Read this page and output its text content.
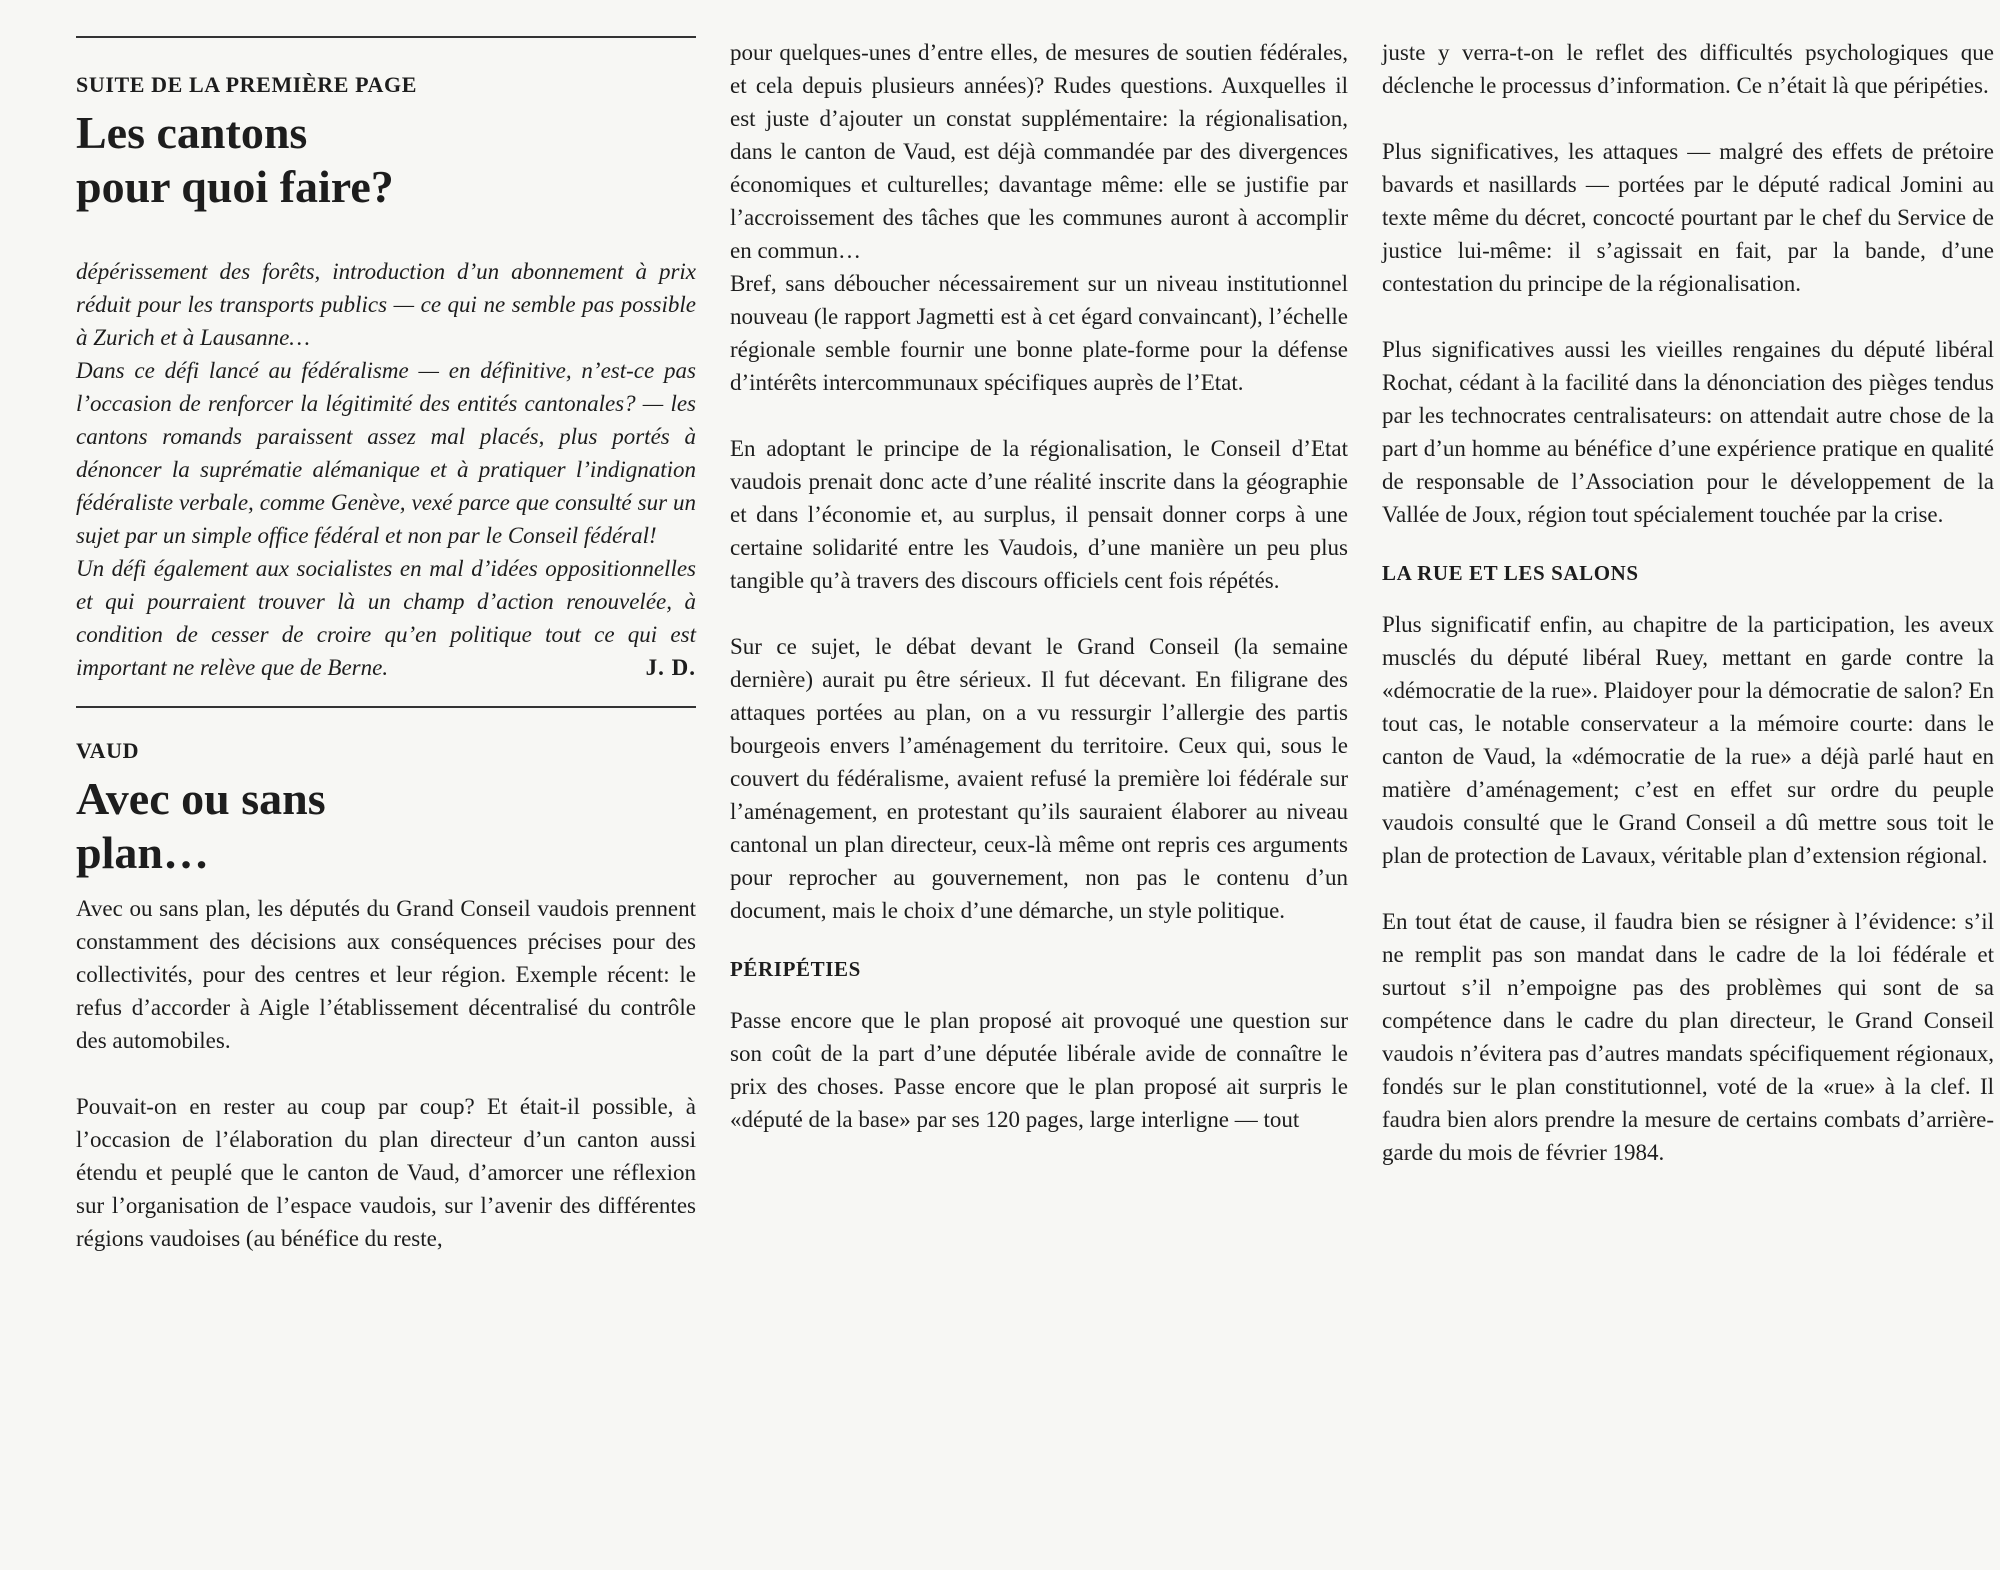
SUITE DE LA PREMIÈRE PAGE
Les cantons
pour quoi faire?

dépérissement des forêts, introduction d’un abonnement à prix réduit pour les transports publics — ce qui ne semble pas possible à Zurich et à Lausanne…

Dans ce défi lancé au fédéralisme — en définitive, n’est-ce pas l’occasion de renforcer la légitimité des entités cantonales? — les cantons romands paraissent assez mal placés, plus portés à dénoncer la suprématie alémanique et à pratiquer l’indignation fédéraliste verbale, comme Genève, vexé parce que consulté sur un sujet par un simple office fédéral et non par le Conseil fédéral!

Un défi également aux socialistes en mal d’idées oppositionnelles et qui pourraient trouver là un champ d’action renouvelée, à condition de cesser de croire qu’en politique tout ce qui est important ne relève que de Berne.	J. D.

VAUD
Avec ou sans
plan…

Avec ou sans plan, les députés du Grand Conseil vaudois prennent constamment des décisions aux conséquences précises pour des collectivités, pour des centres et leur région. Exemple récent: le refus d’accorder à Aigle l’établissement décentralisé du contrôle des automobiles.

Pouvait-on en rester au coup par coup? Et était-il possible, à l’occasion de l’élaboration du plan directeur d’un canton aussi étendu et peuplé que le canton de Vaud, d’amorcer une réflexion sur l’organisation de l’espace vaudois, sur l’avenir des différentes régions vaudoises (au bénéfice du reste,

pour quelques-unes d’entre elles, de mesures de soutien fédérales, et cela depuis plusieurs années)? Rudes questions. Auxquelles il est juste d’ajouter un constat supplémentaire: la régionalisation, dans le canton de Vaud, est déjà commandée par des divergences économiques et culturelles; davantage même: elle se justifie par l’accroissement des tâches que les communes auront à accomplir en commun…

Bref, sans déboucher nécessairement sur un niveau institutionnel nouveau (le rapport Jagmetti est à cet égard convaincant), l’échelle régionale semble fournir une bonne plate-forme pour la défense d’intérêts intercommunaux spécifiques auprès de l’Etat.

En adoptant le principe de la régionalisation, le Conseil d’Etat vaudois prenait donc acte d’une réalité inscrite dans la géographie et dans l’économie et, au surplus, il pensait donner corps à une certaine solidarité entre les Vaudois, d’une manière un peu plus tangible qu’à travers des discours officiels cent fois répétés.

Sur ce sujet, le débat devant le Grand Conseil (la semaine dernière) aurait pu être sérieux. Il fut décevant. En filigrane des attaques portées au plan, on a vu ressurgir l’allergie des partis bourgeois envers l’aménagement du territoire. Ceux qui, sous le couvert du fédéralisme, avaient refusé la première loi fédérale sur l’aménagement, en protestant qu’ils sauraient élaborer au niveau cantonal un plan directeur, ceux-là même ont repris ces arguments pour reprocher au gouvernement, non pas le contenu d’un document, mais le choix d’une démarche, un style politique.

PÉRIPÉTIES

Passe encore que le plan proposé ait provoqué une question sur son coût de la part d’une députée libérale avide de connaître le prix des choses. Passe encore que le plan proposé ait surpris le «député de la base» par ses 120 pages, large interligne — tout

juste y verra-t-on le reflet des difficultés psychologiques que déclenche le processus d’information. Ce n’était là que péripéties.

Plus significatives, les attaques — malgré des effets de prétoire bavards et nasillards — portées par le député radical Jomini au texte même du décret, concocté pourtant par le chef du Service de justice lui-même: il s’agissait en fait, par la bande, d’une contestation du principe de la régionalisation.

Plus significatives aussi les vieilles rengaines du député libéral Rochat, cédant à la facilité dans la dénonciation des pièges tendus par les technocrates centralisateurs: on attendait autre chose de la part d’un homme au bénéfice d’une expérience pratique en qualité de responsable de l’Association pour le développement de la Vallée de Joux, région tout spécialement touchée par la crise.

LA RUE ET LES SALONS

Plus significatif enfin, au chapitre de la participation, les aveux musclés du député libéral Ruey, mettant en garde contre la «démocratie de la rue». Plaidoyer pour la démocratie de salon? En tout cas, le notable conservateur a la mémoire courte: dans le canton de Vaud, la «démocratie de la rue» a déjà parlé haut en matière d’aménagement; c’est en effet sur ordre du peuple vaudois consulté que le Grand Conseil a dû mettre sous toit le plan de protection de Lavaux, véritable plan d’extension régional.

En tout état de cause, il faudra bien se résigner à l’évidence: s’il ne remplit pas son mandat dans le cadre de la loi fédérale et surtout s’il n’empoigne pas des problèmes qui sont de sa compétence dans le cadre du plan directeur, le Grand Conseil vaudois n’évitera pas d’autres mandats spécifiquement régionaux, fondés sur le plan constitutionnel, voté de la «rue» à la clef. Il faudra bien alors prendre la mesure de certains combats d’arrière-garde du mois de février 1984.
